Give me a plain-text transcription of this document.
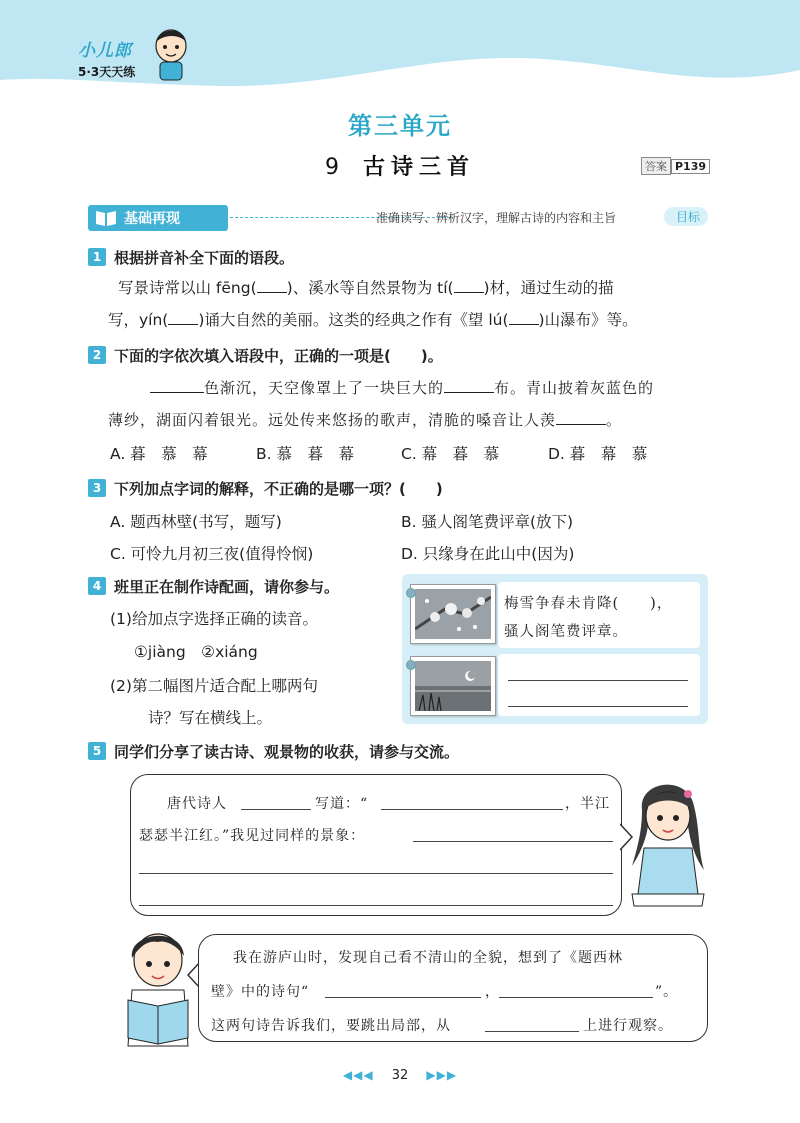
小儿郎
5·3天天练
第三单元
9 古诗三首	答案 P139
基础再现	准确读写、辨析汉字，理解古诗的内容和主旨	目标
1 根据拼音补全下面的语段。
写景诗常以山 fēng( )、溪水等自然景物为 tí( )材，通过生动的描
写，yín( )诵大自然的美丽。这类的经典之作有《望 lú( )山瀑布》等。
2 下面的字依次填入语段中，正确的一项是(　　)。
色渐沉，天空像罩上了一块巨大的	布。青山披着灰蓝色的
薄纱，湖面闪着银光。远处传来悠扬的歌声，清脆的嗓音让人羡	。
A. 暮　慕　幕	B. 慕　暮　幕	C. 幕　暮　慕	D. 暮　幕　慕
3 下列加点字词的解释，不正确的是哪一项？(　　)
A. 题西林壁(书写，题写)	B. 骚人阁笔费评章(放下)
C. 可怜九月初三夜(值得怜悯)	D. 只缘身在此山中(因为)
4 班里正在制作诗配画，请你参与。
(1)给加点字选择正确的读音。
①jiàng　②xiáng
(2)第二幅图片适合配上哪两句
诗？写在横线上。
梅雪争春未肯降(　　)，
骚人阁笔费评章。
5 同学们分享了读古诗、观景物的收获，请参与交流。
唐代诗人	写道：“	，半江
瑟瑟半江红。”我见过同样的景象：
我在游庐山时，发现自己看不清山的全貌，想到了《题西林
壁》中的诗句“	，	”。
这两句诗告诉我们，要跳出局部，从	上进行观察。
◀◀◀ 32 ▶▶▶
